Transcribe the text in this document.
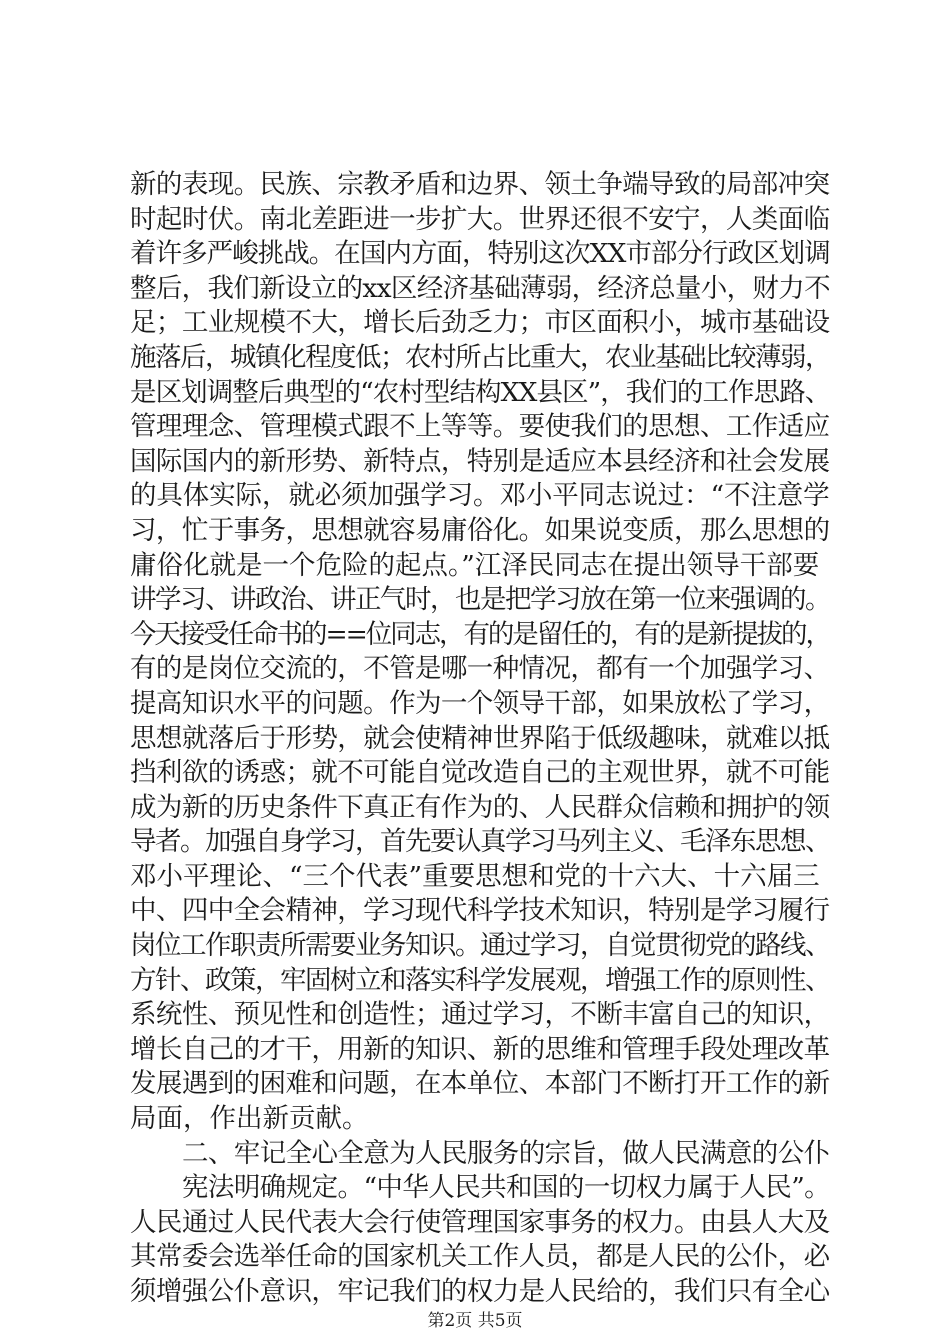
新的表现。民族、宗教矛盾和边界、领土争端导致的局部冲突
时起时伏。南北差距进一步扩大。世界还很不安宁，人类面临
着许多严峻挑战。在国内方面，特别这次XX市部分行政区划调
整后，我们新设立的xx区经济基础薄弱，经济总量小，财力不
足；工业规模不大，增长后劲乏力；市区面积小，城市基础设
施落后，城镇化程度低；农村所占比重大，农业基础比较薄弱，
是区划调整后典型的“农村型结构XX县区”，我们的工作思路、
管理理念、管理模式跟不上等等。要使我们的思想、工作适应
国际国内的新形势、新特点，特别是适应本县经济和社会发展
的具体实际，就必须加强学习。邓小平同志说过：“不注意学
习，忙于事务，思想就容易庸俗化。如果说变质，那么思想的
庸俗化就是一个危险的起点。”江泽民同志在提出领导干部要
讲学习、讲政治、讲正气时，也是把学习放在第一位来强调的。
今天接受任命书的==位同志，有的是留任的，有的是新提拔的，
有的是岗位交流的，不管是哪一种情况，都有一个加强学习、
提高知识水平的问题。作为一个领导干部，如果放松了学习，
思想就落后于形势，就会使精神世界陷于低级趣味，就难以抵
挡利欲的诱惑；就不可能自觉改造自己的主观世界，就不可能
成为新的历史条件下真正有作为的、人民群众信赖和拥护的领
导者。加强自身学习，首先要认真学习马列主义、毛泽东思想、
邓小平理论、“三个代表”重要思想和党的十六大、十六届三
中、四中全会精神，学习现代科学技术知识，特别是学习履行
岗位工作职责所需要业务知识。通过学习，自觉贯彻党的路线、
方针、政策，牢固树立和落实科学发展观，增强工作的原则性、
系统性、预见性和创造性；通过学习，不断丰富自己的知识，
增长自己的才干，用新的知识、新的思维和管理手段处理改革
发展遇到的困难和问题，在本单位、本部门不断打开工作的新
局面，作出新贡献。
二、牢记全心全意为人民服务的宗旨，做人民满意的公仆
宪法明确规定。“中华人民共和国的一切权力属于人民”。
人民通过人民代表大会行使管理国家事务的权力。由县人大及
其常委会选举任命的国家机关工作人员，都是人民的公仆，必
须增强公仆意识，牢记我们的权力是人民给的，我们只有全心
第2页 共5页
